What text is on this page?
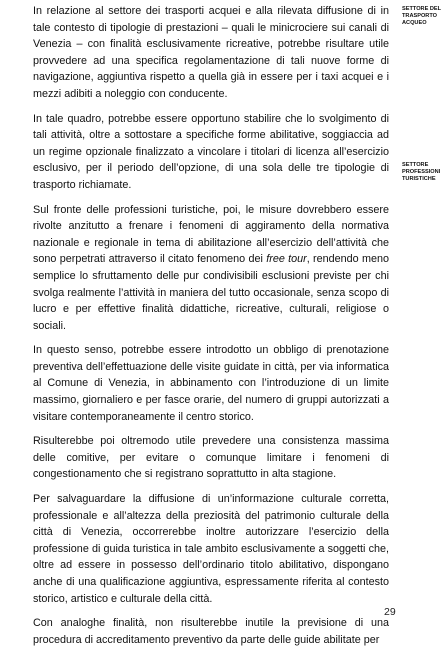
In relazione al settore dei trasporti acquei e alla rilevata diffusione di in tale contesto di tipologie di prestazioni – quali le minicrociere sui canali di Venezia – con finalità esclusivamente ricreative, potrebbe risultare utile provvedere ad una specifica regolamentazione di tali nuove forme di navigazione, aggiuntiva rispetto a quella già in essere per i taxi acquei e i mezzi adibiti a noleggio con conducente.

In tale quadro, potrebbe essere opportuno stabilire che lo svolgimento di tali attività, oltre a sottostare a specifiche forme abilitative, soggiaccia ad un regime opzionale finalizzato a vincolare i titolari di licenza all’esercizio esclusivo, per il periodo dell’opzione, di una sola delle tre tipologie di trasporto richiamate.

Sul fronte delle professioni turistiche, poi, le misure dovrebbero essere rivolte anzitutto a frenare i fenomeni di aggiramento della normativa nazionale e regionale in tema di abilitazione all’esercizio dell’attività che sono perpetrati attraverso il citato fenomeno dei free tour, rendendo meno semplice lo sfruttamento delle pur condivisibili esclusioni previste per chi svolga realmente l’attività in maniera del tutto occasionale, senza scopo di lucro e per effettive finalità didattiche, ricreative, culturali, religiose o sociali.

In questo senso, potrebbe essere introdotto un obbligo di prenotazione preventiva dell’effettuazione delle visite guidate in città, per via informatica al Comune di Venezia, in abbinamento con l’introduzione di un limite massimo, giornaliero e per fasce orarie, del numero di gruppi autorizzati a visitare contemporaneamente il centro storico.

Risulterebbe poi oltremodo utile prevedere una consistenza massima delle comitive, per evitare o comunque limitare i fenomeni di congestionamento che si registrano soprattutto in alta stagione.

Per salvaguardare la diffusione di un’informazione culturale corretta, professionale e all’altezza della preziosità del patrimonio culturale della città di Venezia, occorrerebbe inoltre autorizzare l’esercizio della professione di guida turistica in tale ambito esclusivamente a soggetti che, oltre ad essere in possesso dell’ordinario titolo abilitativo, dispongano anche di una qualificazione aggiuntiva, espressamente riferita al contesto storico, artistico e culturale della città.

Con analoghe finalità, non risulterebbe inutile la previsione di una procedura di accreditamento preventivo da parte delle guide abilitate per

SETTORE DEL TRASPORTO ACQUEO
SETTORE PROFESSIONI TURISTICHE
29
